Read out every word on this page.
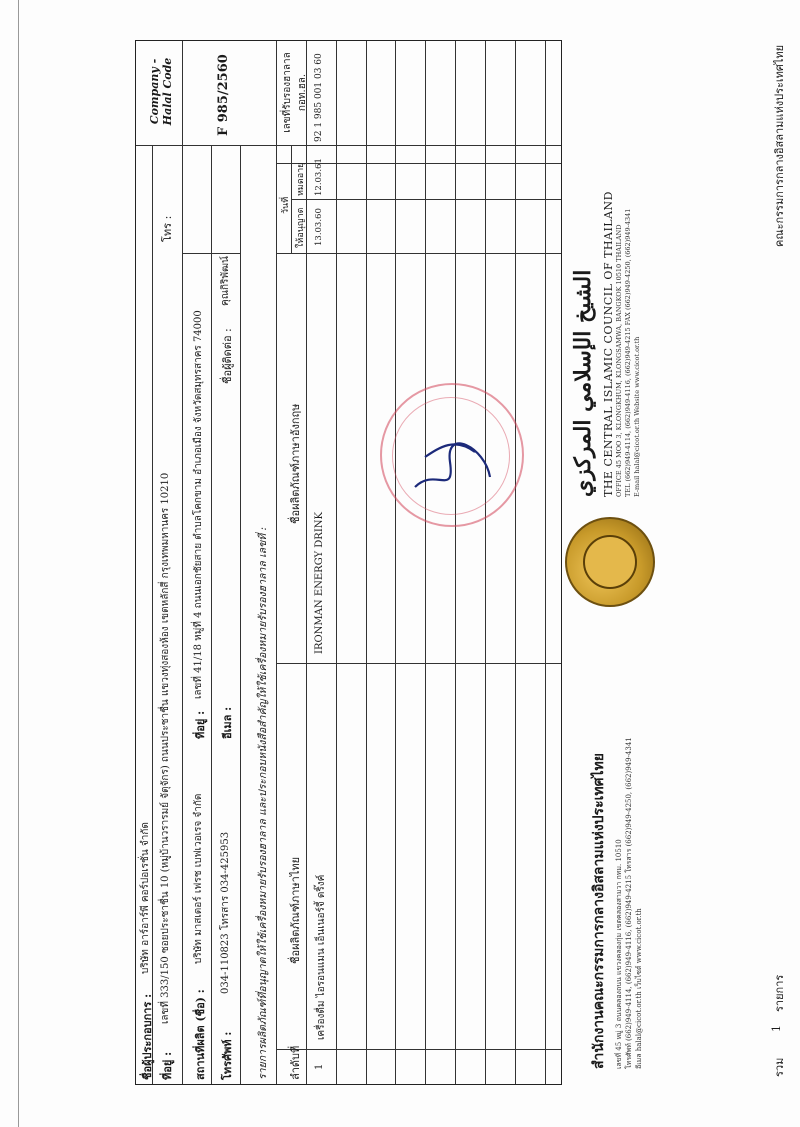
สำนักงานคณะกรรมการกลางอิสลามแห่งประเทศไทย	เลขที่ 45 หมู่ 3 ถนนคลองถนน แขวงคลองกุ่ม เขตคลองสามวา กทม. 10510 โทรศัพท์ (662)949-4114, (662)949-4116, (662)949-4215 โทรสาร (662)949-4250, (662)949-4341 อีเมล halal@cicot.or.th เว็บไซต์ www.cicot.or.th
الشيخ الإسلامي المركزي THE CENTRAL ISLAMIC COUNCIL OF THAILAND OFFICE 45 MOO 3, KLONGKHUM, KLONGSAMWA, BANGKOK 10510 THAILAND TEL (662)949-4114, (662)949-4116, (662)949-4215 FAX (662)949-4250, (662)949-4341 E-mail halal@cicot.or.th Website www.cicot.or.th
ชื่อผู้ประกอบการ :
บริษัท อาร์อาร์พี คอร์ปอเรชั่น จำกัด
ที่อยู่ :
เลขที่ 333/150 ซอยประชาชื่น 10 (หมู่บ้านวรารมย์ จัตุจักร) ถนนประชาชื่น แขวงทุ่งสองห้อง เขตหลักสี่ กรุงเทพมหานคร 10210
โทร :
สถานที่ผลิต (ชื่อ) :
บริษัท มาสเตอร์ เฟรช เบฟเวอเรจ จำกัด
โทรศัพท์ :
034-110823 โทรสาร 034-425953
ที่อยู่ :
เลขที่ 41/18 หมู่ที่ 4 ถนนเอกชัยสาย ตำบลโคกขาม อำเภอเมือง จังหวัดสมุทรสาคร 74000
อีเมล :
ชื่อผู้ติดต่อ :
คุณกิริพัฒน์
Company - Halal Code	F 985/2560
รายการผลิตภัณฑ์ที่อนุญาตให้ใช้เครื่องหมายรับรองฮาลาล และประกอบหนังสือสำคัญให้ใช้เครื่องหมายรับรองฮาลาล เลขที่ : ลำดับที่
ชื่อผลิตภัณฑ์ภาษาไทย
ชื่อผลิตภัณฑ์ภาษาอังกฤษ
วันที่
ให้อนุญาต
หมดอายุ
เลขที่รับรองฮาลาล กอท.ฮล.
1
เครื่องดื่ม ไอรอนแมน เอ็นเนอร์จี้ ดริ๊งค์
IRONMAN ENERGY DRINK
13.03.60
12.03.61
92 1 985 001 03 60
รวม
1
รายการ
คณะกรรมการกลางอิสลามแห่งประเทศไทย
